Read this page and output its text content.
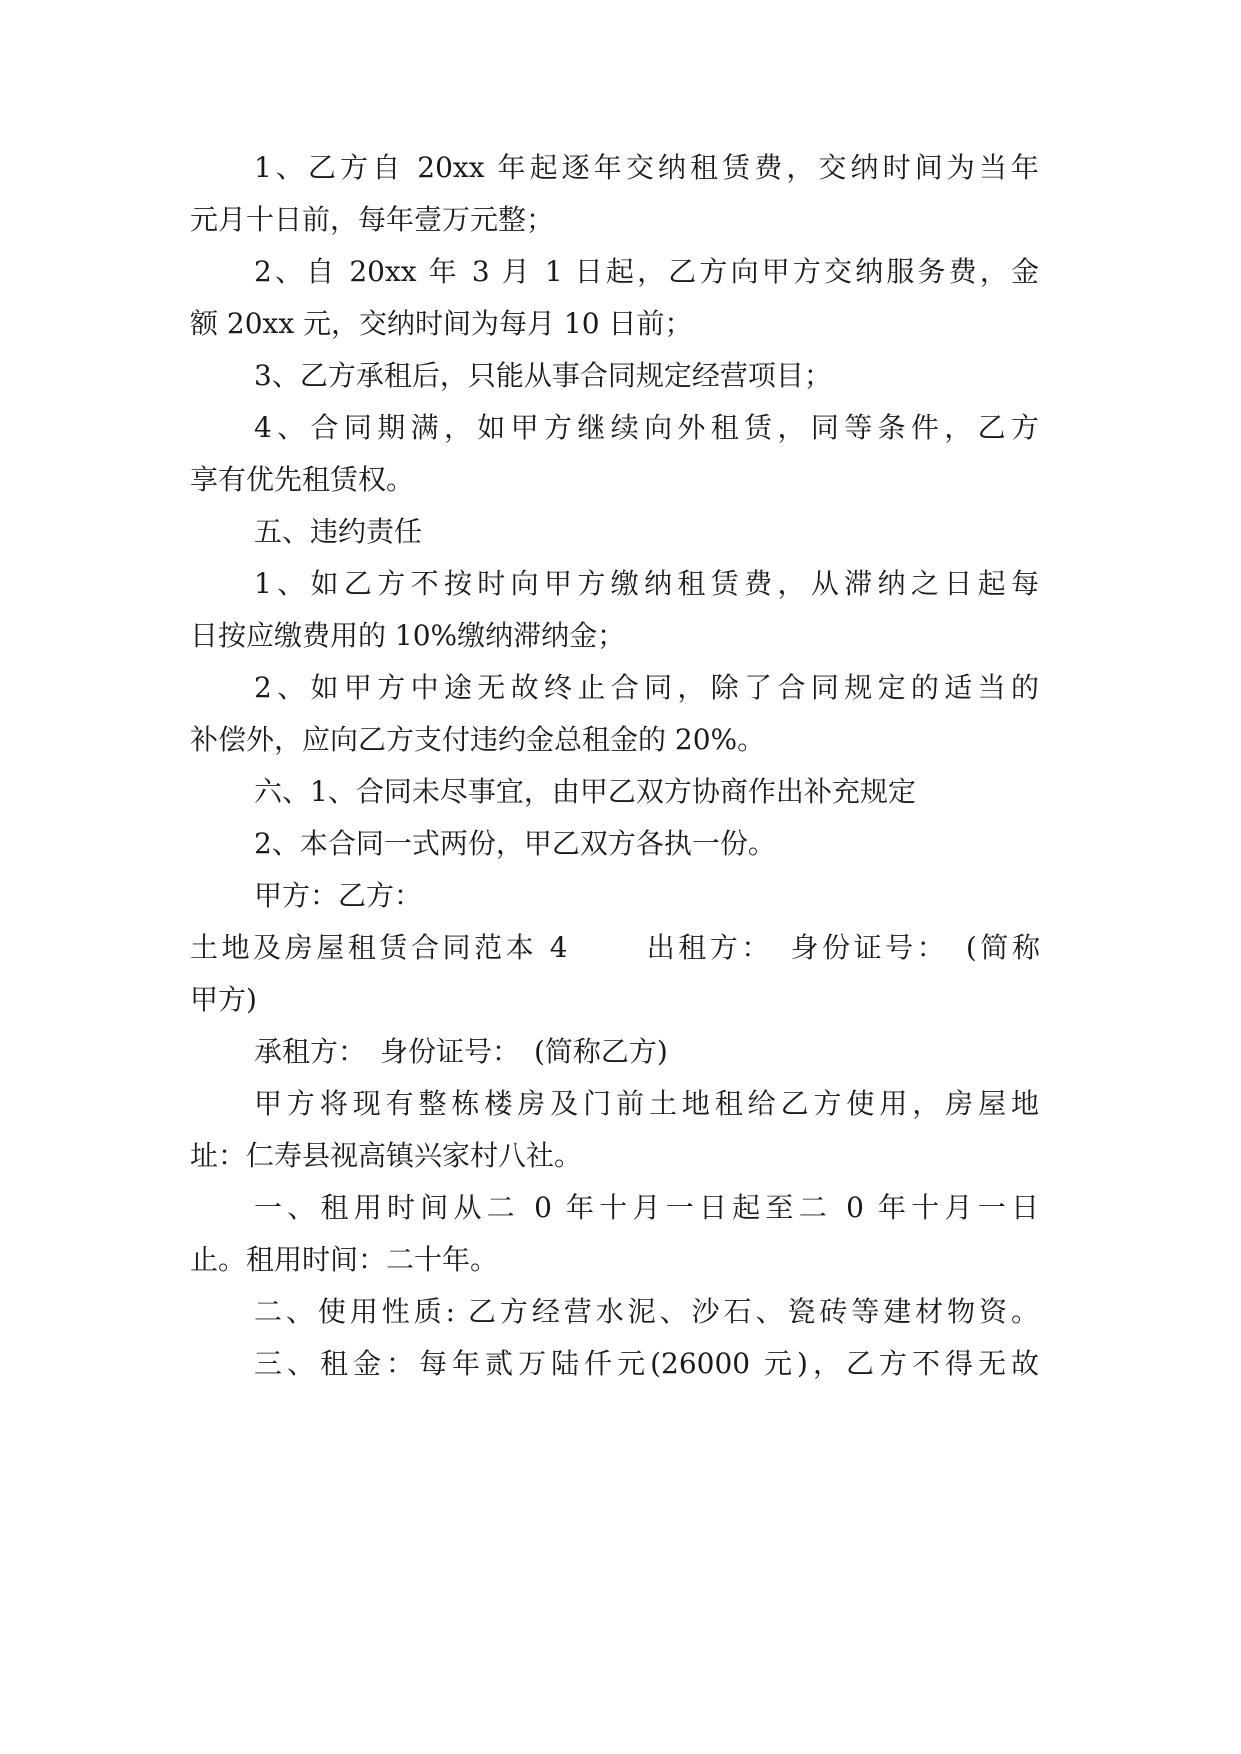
1、乙方自 20xx 年起逐年交纳租赁费，交纳时间为当年

元月十日前，每年壹万元整；

2、自 20xx 年 3 月 1 日起，乙方向甲方交纳服务费，金

额 20xx 元，交纳时间为每月 10 日前；

3、乙方承租后，只能从事合同规定经营项目；

4、合同期满，如甲方继续向外租赁，同等条件，乙方

享有优先租赁权。

五、违约责任

1、如乙方不按时向甲方缴纳租赁费，从滞纳之日起每

日按应缴费用的 10%缴纳滞纳金；

2、如甲方中途无故终止合同，除了合同规定的适当的

补偿外，应向乙方支付违约金总租金的 20%。

六、1、合同未尽事宜，由甲乙双方协商作出补充规定

2、本合同一式两份，甲乙双方各执一份。

甲方：乙方：

土地及房屋租赁合同范本 4　　 出租方：　身份证号：　(简称

甲方)

承租方：　身份证号：　(简称乙方)

甲方将现有整栋楼房及门前土地租给乙方使用，房屋地

址：仁寿县视高镇兴家村八社。

一、租用时间从二 0 年十月一日起至二 0 年十月一日

止。租用时间：二十年。

二、使用性质: 乙方经营水泥、沙石、瓷砖等建材物资。

三、租金：每年贰万陆仟元(26000 元)，乙方不得无故
